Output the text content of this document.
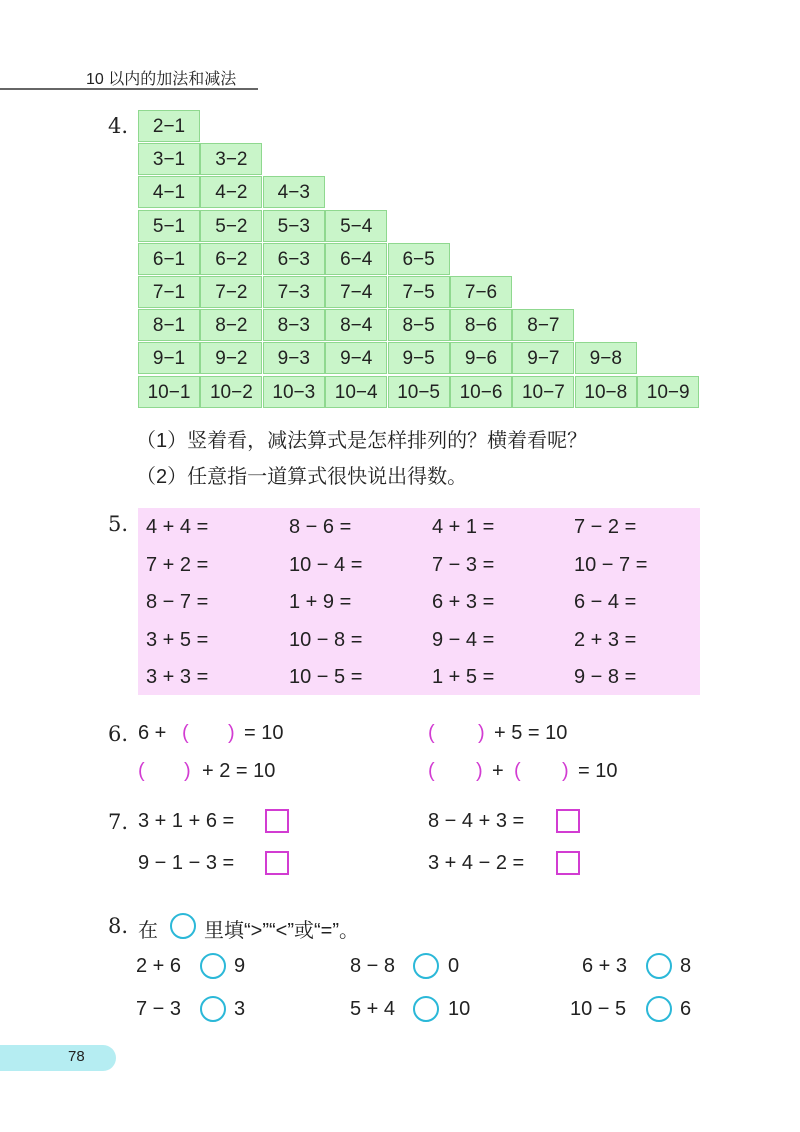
10 以内的加法和减法
4.	2−1
3−1	3−2
4−1	4−2	4−3
5−1	5−2	5−3	5−4
6−1	6−2	6−3	6−4	6−5
7−1	7−2	7−3	7−4	7−5	7−6
8−1	8−2	8−3	8−4	8−5	8−6	8−7
9−1	9−2	9−3	9−4	9−5	9−6	9−7	9−8
10−1	10−2	10−3	10−4	10−5	10−6	10−7	10−8	10−9
（1）竖着看，减法算式是怎样排列的？横着看呢？
（2）任意指一道算式很快说出得数。
5. 4 + 4 =	8 − 6 =	4 + 1 =	7 − 2 =
7 + 2 =	10 − 4 =	7 − 3 =	10 − 7 =
8 − 7 =	1 + 9 =	6 + 3 =	6 − 4 =
3 + 5 =	10 − 8 =	9 − 4 =	2 + 3 =
3 + 3 =	10 − 5 =	1 + 5 =	9 − 8 =
6. 6 + ( ) = 10	( ) + 5 = 10
( ) + 2 = 10	( ) + ( ) = 10
7. 3 + 1 + 6 =	8 − 4 + 3 =
9 − 1 − 3 =	3 + 4 − 2 =
8. 在 里填“>”“<”或“=”。
2 + 6	9	8 − 8	0	6 + 3	8
7 − 3	3	5 + 4	10	10 − 5	6
78
